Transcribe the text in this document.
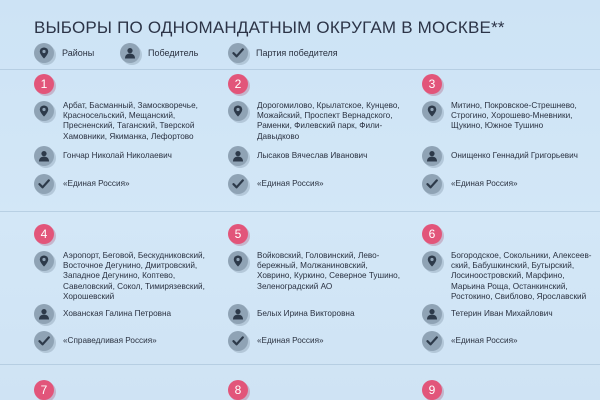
ВЫБОРЫ ПО ОДНОМАНДАТНЫМ ОКРУГАМ В МОСКВЕ**
Районы	Победитель	Партия победителя
1
Арбат, Басманный, Замоскворечье,
Красносельский, Мещанский,
Пресненский, Таганский, Тверской
Хамовники, Якиманка, Лефортово
Гончар Николай Николаевич
«Единая Россия»
2
Дорогомилово, Крылатское, Кунцево,
Можайский, Проспект Вернадского,
Раменки, Филевский парк, Фили-
Давыдково
Лысаков Вячеслав Иванович
«Единая Россия»
3
Митино, Покровское-Стрешнево,
Строгино, Хорошево-Мневники,
Щукино, Южное Тушино
Онищенко Геннадий Григорьевич
«Единая Россия»
4
Аэропорт, Беговой, Бескудниковский,
Восточное Дегунино, Дмитровский,
Западное Дегунино, Коптево,
Савеловский, Сокол, Тимирязевский,
Хорошевский
Хованская Галина Петровна
«Справедливая Россия»
5
Войковский, Головинский, Лево-
бережный, Молжаниновский,
Ховрино, Куркино, Северное Тушино,
Зеленоградский АО
Белых Ирина Викторовна
«Единая Россия»
6
Богородское, Сокольники, Алексеев-
ский, Бабушкинский, Бутырский,
Лосиноостровский, Марфино,
Марьина Роща, Останкинский,
Ростокино, Свиблово, Ярославский
Тетерин Иван Михайлович
«Единая Россия»
7	8	9
